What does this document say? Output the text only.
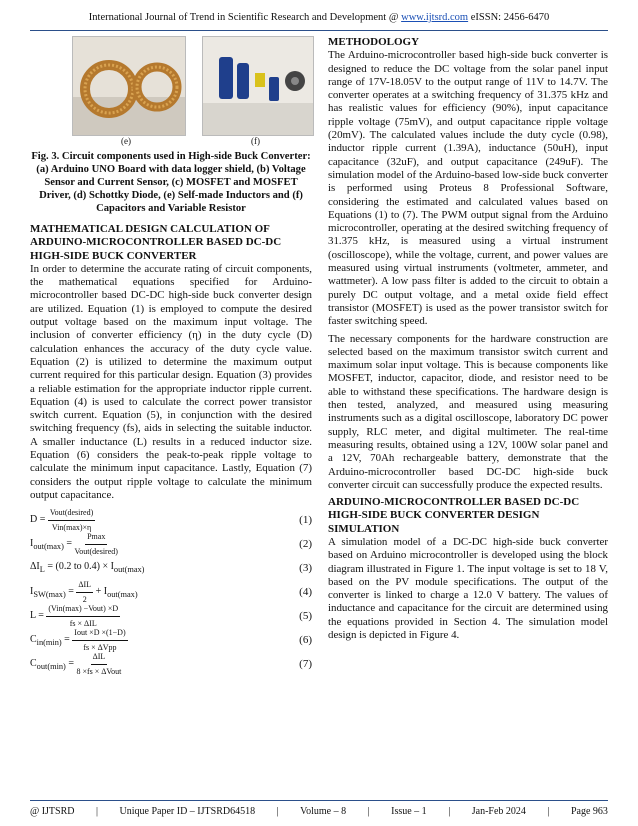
International Journal of Trend in Scientific Research and Development @ www.ijtsrd.com eISSN: 2456-6470
(e)	(f)
Fig. 3. Circuit components used in High-side Buck Converter: (a) Arduino UNO Board with data logger shield, (b) Voltage Sensor and Current Sensor, (c) MOSFET and MOSFET Driver, (d) Schottky Diode, (e) Self-made Inductors and (f) Capacitors and Variable Resistor
MATHEMATICAL DESIGN CALCULATION OF ARDUINO-MICROCONTROLLER BASED DC-DC HIGH-SIDE BUCK CONVERTER

In order to determine the accurate rating of circuit components, the mathematical equations specified for Arduino-microcontroller based DC-DC high-side buck converter design are utilized. Equation (1) is employed to compute the desired output voltage based on the maximum input voltage. The inclusion of converter efficiency (η) in the duty cycle (D) calculation enhances the accuracy of the duty cycle value. Equation (2) is utilized to determine the maximum output current required for this particular design. Equation (3) provides a reliable estimation for the appropriate inductor ripple current. Equation (4) is used to calculate the correct power transistor switch current. Equation (5), in conjunction with the desired switching frequency (fs), aids in selecting the suitable inductor. A smaller inductance (L) results in a reduced inductor size. Equation (6) considers the peak-to-peak ripple voltage to calculate the minimum input capacitance. Lastly, Equation (7) considers the output ripple voltage to calculate the minimum output capacitance.

$D = \frac{\text{Vout(desired)}}{\text{Vin(max)×η}}$	(1)
$I_{out(max)} = \frac{Pmax}{\text{Vout(desired)}}$	(2)
$\Delta I_L = (0.2$ to $0.4) \times I_{out(max)}$	(3)
$I_{SW(max)} = \frac{\text{ΔIL}}{2} + I_{out(max)}$	(4)
$L = \frac{\text{(Vin(max) −Vout) ×D}}{\text{fs × ΔIL}}$	(5)
$C_{in(min)} = \frac{\text{Iout ×D ×(1−D)}}{\text{fs × ΔVpp}}$	(6)
$C_{out(min)} = \frac{\text{ΔIL}}{\text{8 ×fs × ΔVout}}$	(7)
METHODOLOGY

The Arduino-microcontroller based high-side buck converter is designed to reduce the DC voltage from the solar panel input range of 17V-18.05V to the output range of 11V to 14.7V. The converter operates at a switching frequency of 31.375 kHz and has realistic values for efficiency (90%), input capacitance ripple voltage (75mV), and output capacitance ripple voltage (20mV). The calculated values include the duty cycle (0.98), inductor ripple current (1.39A), inductance (50uH), input capacitance (32uF), and output capacitance (249uF). The simulation model of the Arduino-based low-side buck converter is performed using Proteus 8 Professional Software, considering the estimated and calculated values based on Equations (1) to (7). The PWM output signal from the Arduino microcontroller, operating at the desired switching frequency of 31.375 kHz, is measured using a virtual instrument (oscilloscope), while the voltage, current, and power values are measured using virtual instruments (voltmeter, ammeter, and wattmeter). A low pass filter is added to the circuit to obtain a purely DC output voltage, and a metal oxide field effect transistor (MOSFET) is used as the power transistor switch for faster switching speed.

The necessary components for the hardware construction are selected based on the maximum transistor switch current and maximum solar input voltage. This is because components like MOSFET, inductor, capacitor, diode, and resistor need to be able to withstand these specifications. The hardware design is then tested, analyzed, and measured using measuring instruments such as a digital oscilloscope, laboratory DC power supply, RLC meter, and digital multimeter. The real-time measuring results, obtained using a 12V, 100W solar panel and a 12V, 70Ah rechargeable battery, demonstrate that the Arduino-microcontroller based DC-DC high-side buck converter circuit can successfully produce the expected results.

ARDUINO-MICROCONTROLLER BASED DC-DC HIGH-SIDE BUCK CONVERTER DESIGN SIMULATION

A simulation model of a DC-DC high-side buck converter based on Arduino microcontroller is developed using the block diagram illustrated in Figure 1. The input voltage is set to 18 V, based on the PV module specifications. The output of the converter is linked to charge a 12.0 V battery. The values of inductance and capacitance for the circuit are determined using the equations provided in Section 4. The simulation model design is depicted in Figure 4.

@ IJTSRD | Unique Paper ID – IJTSRD64518 | Volume – 8 | Issue – 1 | Jan-Feb 2024 | Page 963
